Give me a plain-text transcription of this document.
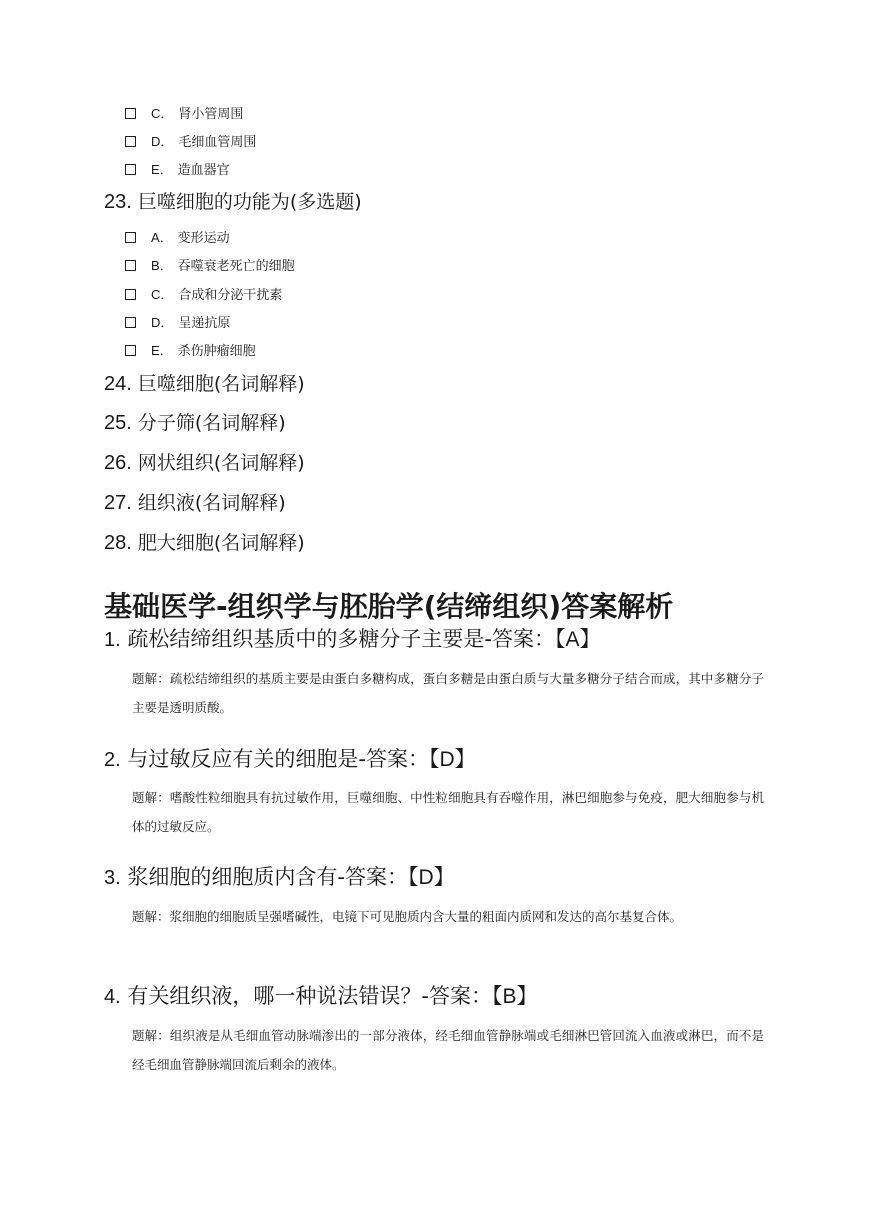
C． 肾小管周围
D． 毛细血管周围
E． 造血器官
23. 巨噬细胞的功能为(多选题)
A． 变形运动
B． 吞噬衰老死亡的细胞
C． 合成和分泌干扰素
D． 呈递抗原
E． 杀伤肿瘤细胞
24. 巨噬细胞(名词解释)
25. 分子筛(名词解释)
26. 网状组织(名词解释)
27. 组织液(名词解释)
28. 肥大细胞(名词解释)
基础医学-组织学与胚胎学(结缔组织)答案解析
1. 疏松结缔组织基质中的多糖分子主要是-答案：【A】
题解：疏松结缔组织的基质主要是由蛋白多糖构成，蛋白多糖是由蛋白质与大量多糖分子结合而成，其中多糖分子主要是透明质酸。
2. 与过敏反应有关的细胞是-答案：【D】
题解：嗜酸性粒细胞具有抗过敏作用，巨噬细胞、中性粒细胞具有吞噬作用，淋巴细胞参与免疫，肥大细胞参与机体的过敏反应。
3. 浆细胞的细胞质内含有-答案：【D】
题解：浆细胞的细胞质呈强嗜碱性，电镜下可见胞质内含大量的粗面内质网和发达的高尔基复合体。
4. 有关组织液，哪一种说法错误？-答案：【B】
题解：组织液是从毛细血管动脉端渗出的一部分液体，经毛细血管静脉端或毛细淋巴管回流入血液或淋巴，而不是经毛细血管静脉端回流后剩余的液体。
